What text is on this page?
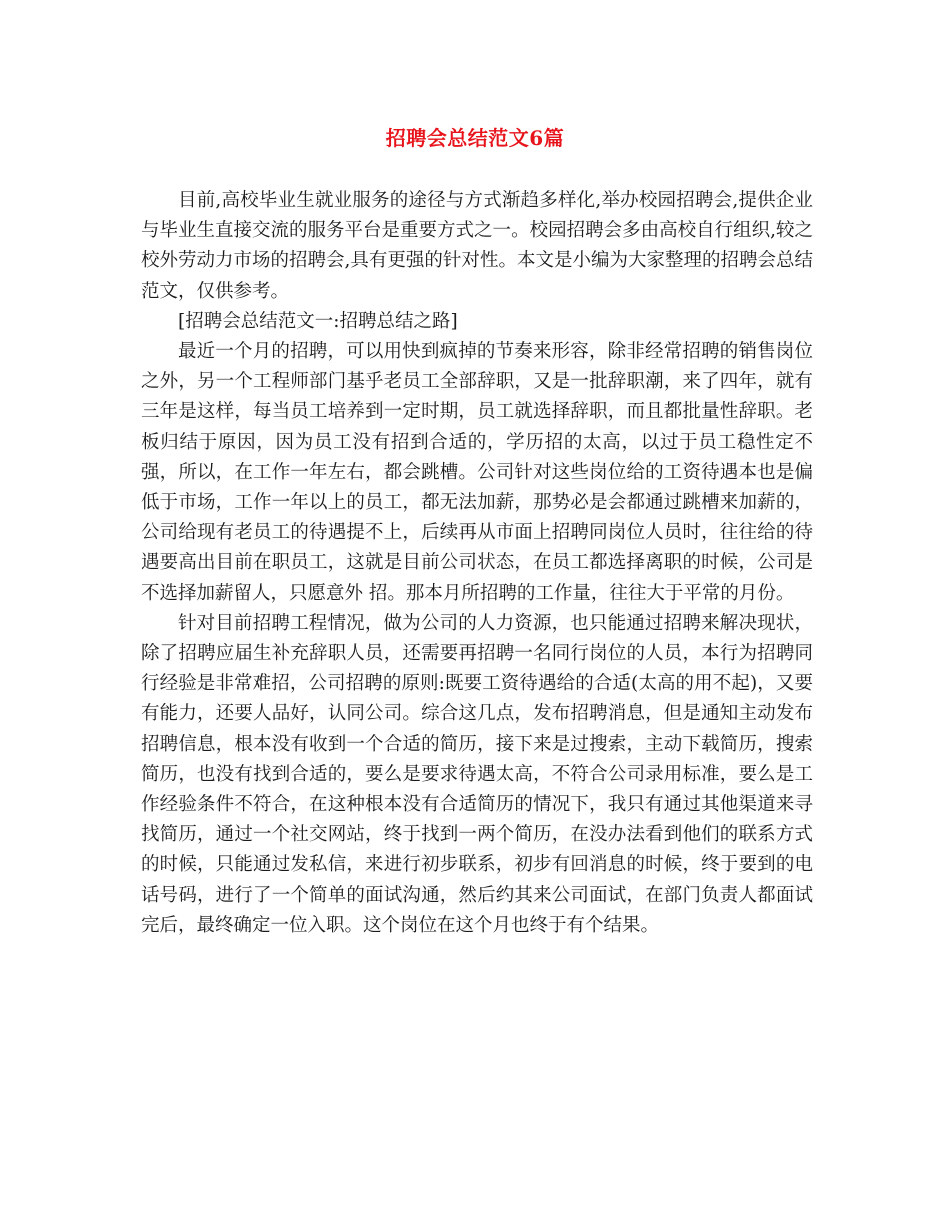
招聘会总结范文6篇

目前,高校毕业生就业服务的途径与方式渐趋多样化,举办校园招聘会,提供企业与毕业生直接交流的服务平台是重要方式之一。校园招聘会多由高校自行组织,较之校外劳动力市场的招聘会,具有更强的针对性。本文是小编为大家整理的招聘会总结范文，仅供参考。

[招聘会总结范文一:招聘总结之路]

最近一个月的招聘，可以用快到疯掉的节奏来形容，除非经常招聘的销售岗位之外，另一个工程师部门基乎老员工全部辞职，又是一批辞职潮，来了四年，就有三年是这样，每当员工培养到一定时期，员工就选择辞职，而且都批量性辞职。老板归结于原因，因为员工没有招到合适的，学历招的太高，以过于员工稳性定不强，所以，在工作一年左右，都会跳槽。公司针对这些岗位给的工资待遇本也是偏低于市场，工作一年以上的员工，都无法加薪，那势必是会都通过跳槽来加薪的，公司给现有老员工的待遇提不上，后续再从市面上招聘同岗位人员时，往往给的待遇要高出目前在职员工，这就是目前公司状态，在员工都选择离职的时候，公司是不选择加薪留人，只愿意外 招。那本月所招聘的工作量，往往大于平常的月份。

针对目前招聘工程情况，做为公司的人力资源，也只能通过招聘来解决现状，除了招聘应届生补充辞职人员，还需要再招聘一名同行岗位的人员，本行为招聘同行经验是非常难招，公司招聘的原则:既要工资待遇给的合适(太高的用不起)，又要有能力，还要人品好，认同公司。综合这几点，发布招聘消息，但是通知主动发布招聘信息，根本没有收到一个合适的简历，接下来是过搜索，主动下载简历，搜索简历，也没有找到合适的，要么是要求待遇太高，不符合公司录用标准，要么是工作经验条件不符合，在这种根本没有合适简历的情况下，我只有通过其他渠道来寻找简历，通过一个社交网站，终于找到一两个简历，在没办法看到他们的联系方式的时候，只能通过发私信，来进行初步联系，初步有回消息的时候，终于要到的电话号码，进行了一个简单的面试沟通，然后约其来公司面试，在部门负责人都面试完后，最终确定一位入职。这个岗位在这个月也终于有个结果。
